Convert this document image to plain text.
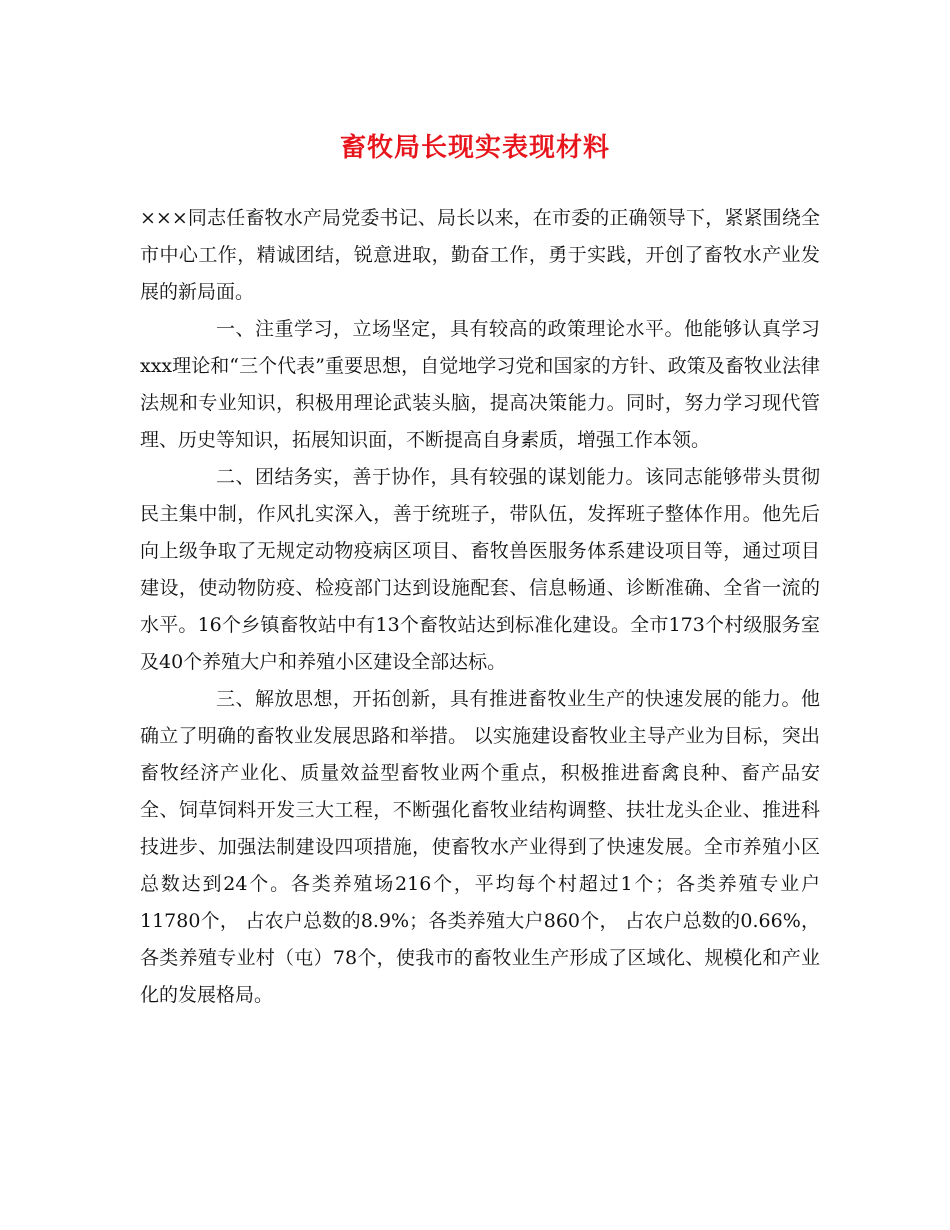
畜牧局长现实表现材料

×××同志任畜牧水产局党委书记、局长以来，在市委的正确领导下，紧紧围绕全市中心工作，精诚团结，锐意进取，勤奋工作，勇于实践，开创了畜牧水产业发展的新局面。

一、注重学习，立场坚定，具有较高的政策理论水平。他能够认真学习xxx理论和“三个代表”重要思想，自觉地学习党和国家的方针、政策及畜牧业法律法规和专业知识，积极用理论武装头脑，提高决策能力。同时，努力学习现代管理、历史等知识，拓展知识面，不断提高自身素质，增强工作本领。

二、团结务实，善于协作，具有较强的谋划能力。该同志能够带头贯彻民主集中制，作风扎实深入，善于统班子，带队伍，发挥班子整体作用。他先后向上级争取了无规定动物疫病区项目、畜牧兽医服务体系建设项目等，通过项目建设，使动物防疫、检疫部门达到设施配套、信息畅通、诊断准确、全省一流的水平。16个乡镇畜牧站中有13个畜牧站达到标准化建设。全市173个村级服务室及40个养殖大户和养殖小区建设全部达标。

三、解放思想，开拓创新，具有推进畜牧业生产的快速发展的能力。他确立了明确的畜牧业发展思路和举措。 以实施建设畜牧业主导产业为目标，突出畜牧经济产业化、质量效益型畜牧业两个重点，积极推进畜禽良种、畜产品安全、饲草饲料开发三大工程，不断强化畜牧业结构调整、扶壮龙头企业、推进科技进步、加强法制建设四项措施，使畜牧水产业得到了快速发展。全市养殖小区总数达到24个。各类养殖场216个，平均每个村超过1个；各类养殖专业户11780个， 占农户总数的8.9%；各类养殖大户860个， 占农户总数的0.66%，各类养殖专业村（屯）78个，使我市的畜牧业生产形成了区域化、规模化和产业化的发展格局。
